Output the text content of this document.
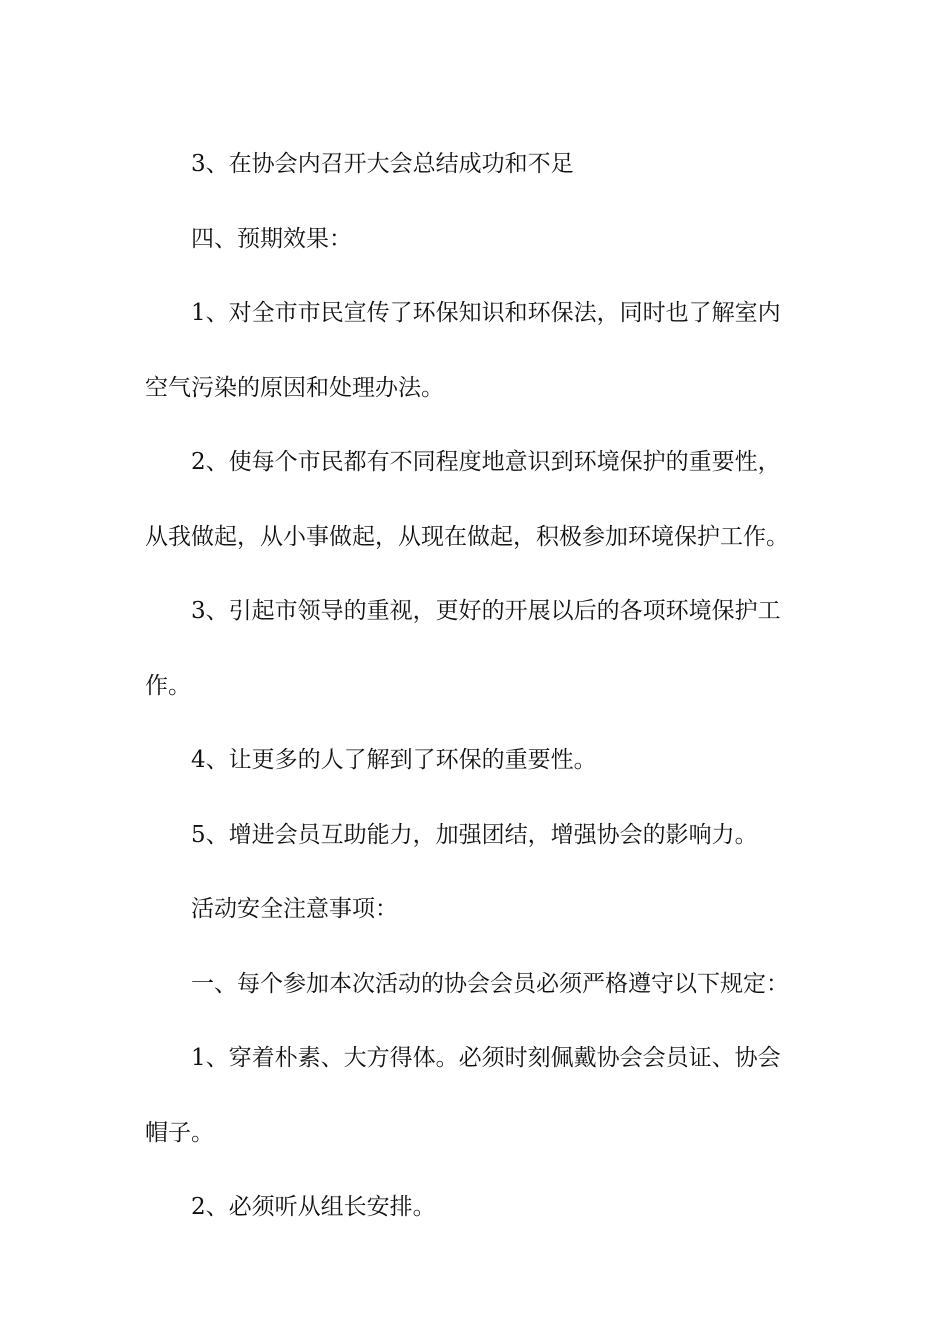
3、在协会内召开大会总结成功和不足
四、预期效果：
1、对全市市民宣传了环保知识和环保法，同时也了解室内
空气污染的原因和处理办法。
2、使每个市民都有不同程度地意识到环境保护的重要性，
从我做起，从小事做起，从现在做起，积极参加环境保护工作。
3、引起市领导的重视，更好的开展以后的各项环境保护工
作。
4、让更多的人了解到了环保的重要性。
5、增进会员互助能力，加强团结，增强协会的影响力。
活动安全注意事项：
一、每个参加本次活动的协会会员必须严格遵守以下规定：
1、穿着朴素、大方得体。必须时刻佩戴协会会员证、协会
帽子。
2、必须听从组长安排。
